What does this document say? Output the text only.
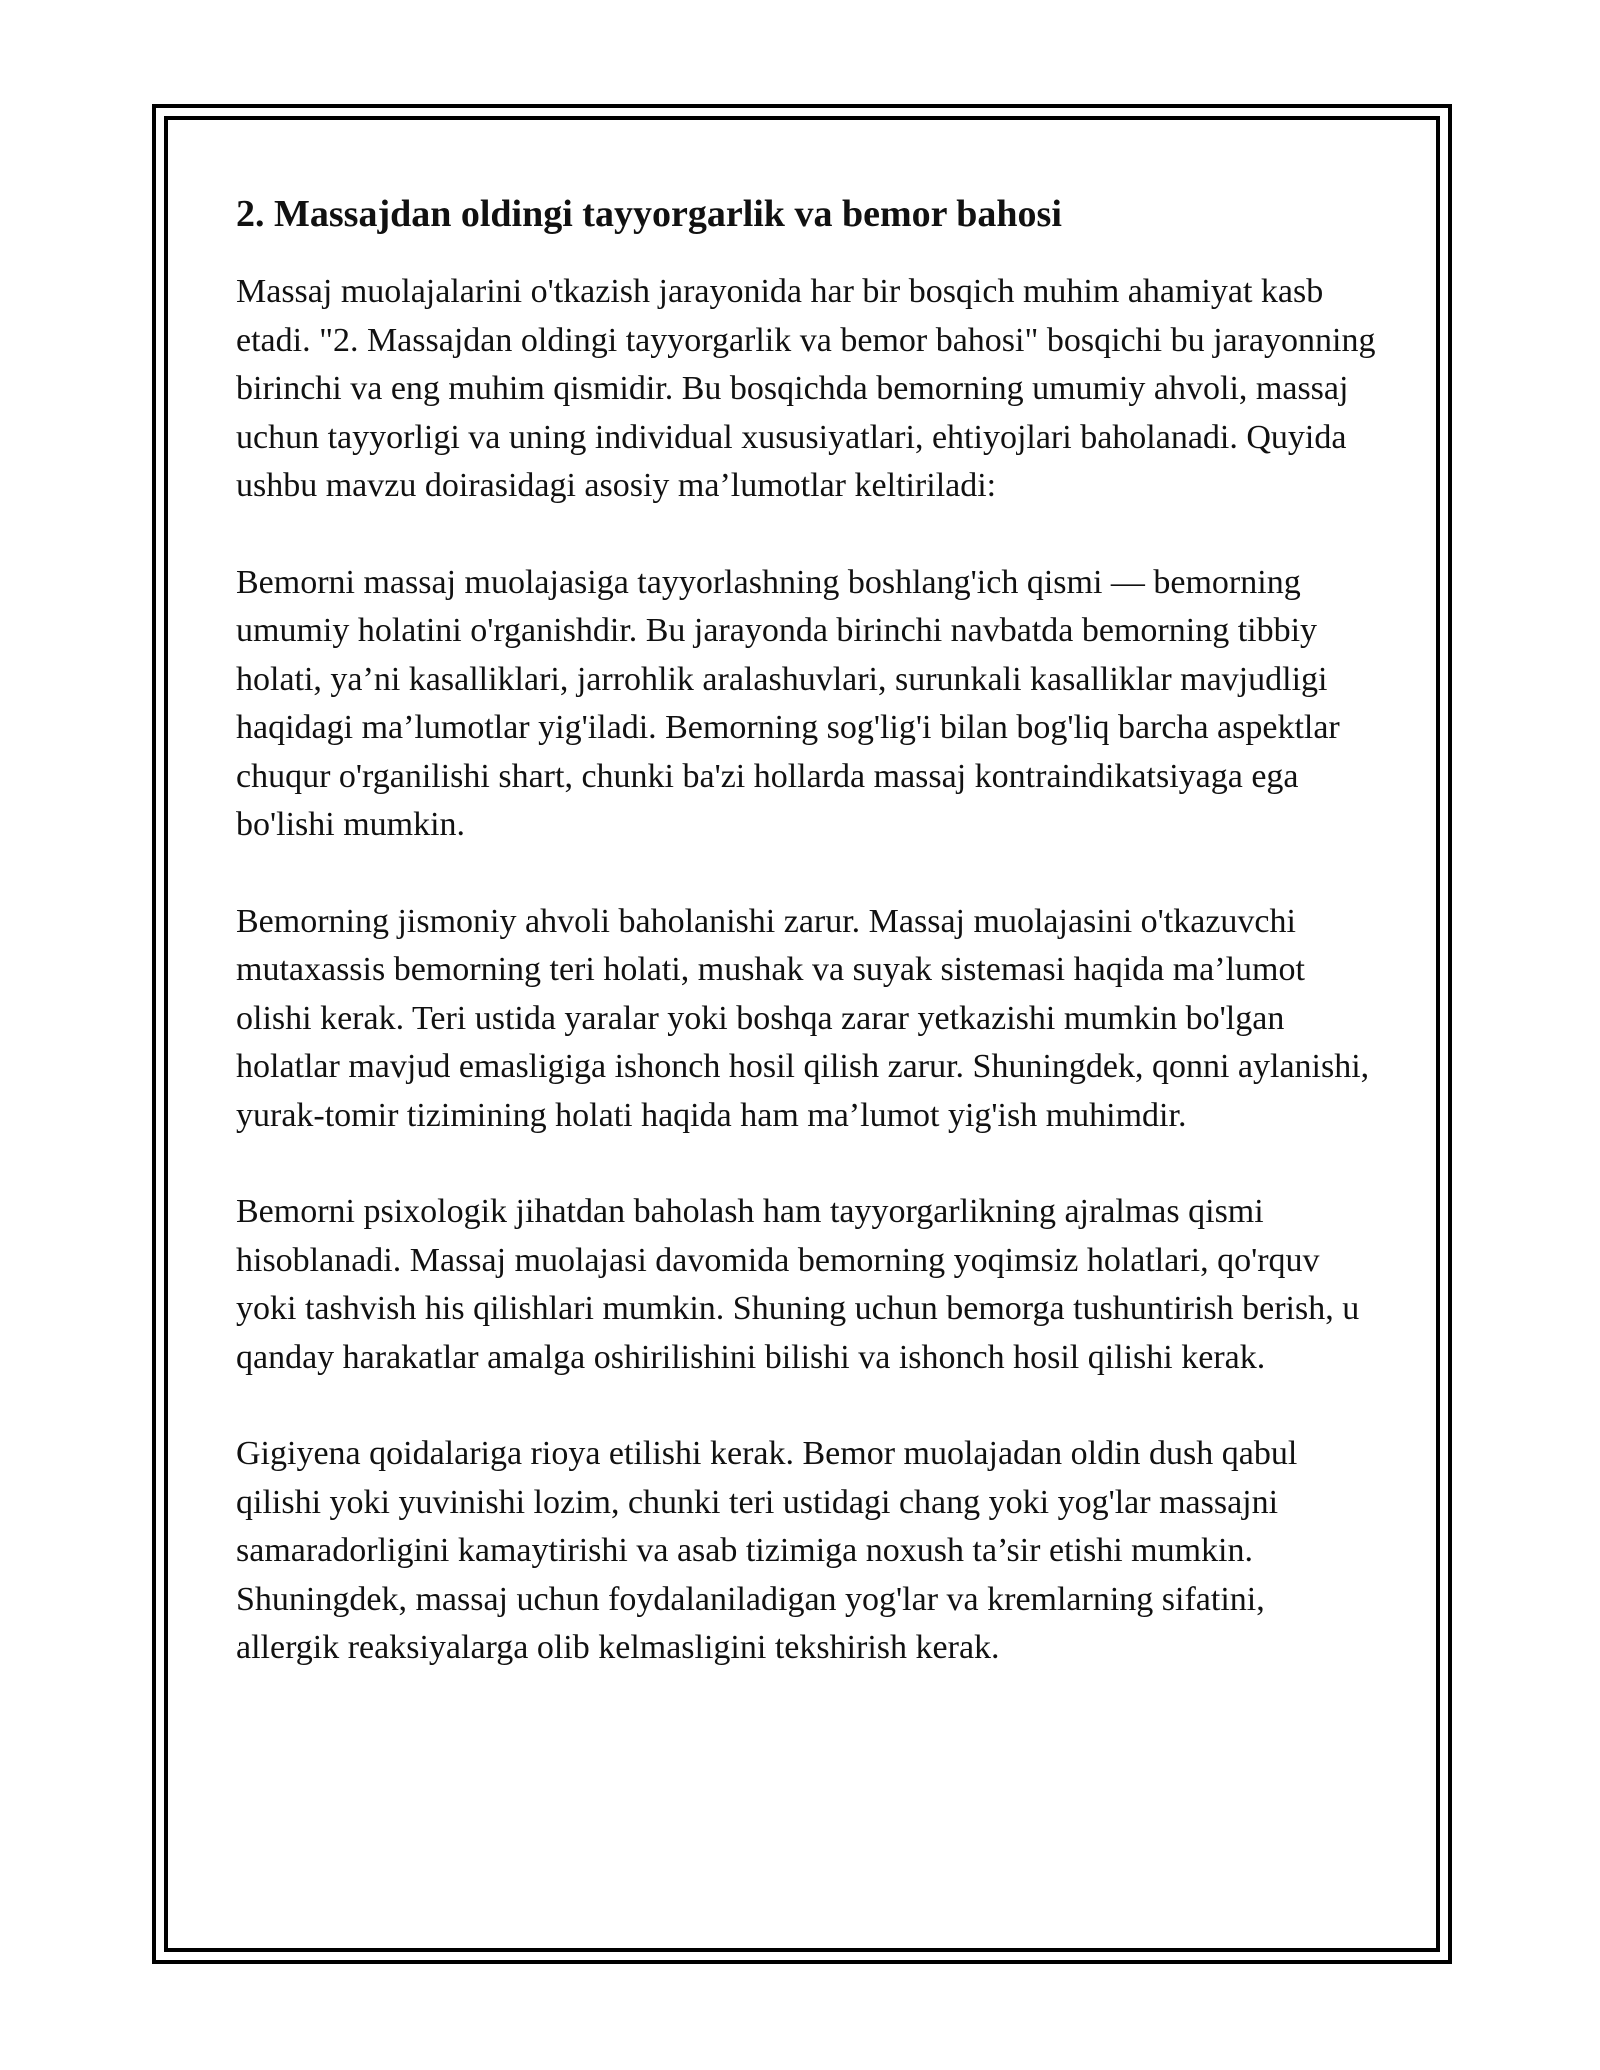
2. Massajdan oldingi tayyorgarlik va bemor bahosi

Massaj muolajalarini o'tkazish jarayonida har bir bosqich muhim ahamiyat kasb etadi. "2. Massajdan oldingi tayyorgarlik va bemor bahosi" bosqichi bu jarayonning birinchi va eng muhim qismidir. Bu bosqichda bemorning umumiy ahvoli, massaj uchun tayyorligi va uning individual xususiyatlari, ehtiyojlari baholanadi. Quyida ushbu mavzu doirasidagi asosiy ma’lumotlar keltiriladi:

Bemorni massaj muolajasiga tayyorlashning boshlang'ich qismi — bemorning umumiy holatini o'rganishdir. Bu jarayonda birinchi navbatda bemorning tibbiy holati, ya’ni kasalliklari, jarrohlik aralashuvlari, surunkali kasalliklar mavjudligi haqidagi ma’lumotlar yig'iladi. Bemorning sog'lig'i bilan bog'liq barcha aspektlar chuqur o'rganilishi shart, chunki ba'zi hollarda massaj kontraindikatsiyaga ega bo'lishi mumkin.

Bemorning jismoniy ahvoli baholanishi zarur. Massaj muolajasini o'tkazuvchi mutaxassis bemorning teri holati, mushak va suyak sistemasi haqida ma’lumot olishi kerak. Teri ustida yaralar yoki boshqa zarar yetkazishi mumkin bo'lgan holatlar mavjud emasligiga ishonch hosil qilish zarur. Shuningdek, qonni aylanishi, yurak-tomir tizimining holati haqida ham ma’lumot yig'ish muhimdir.

Bemorni psixologik jihatdan baholash ham tayyorgarlikning ajralmas qismi hisoblanadi. Massaj muolajasi davomida bemorning yoqimsiz holatlari, qo'rquv yoki tashvish his qilishlari mumkin. Shuning uchun bemorga tushuntirish berish, u qanday harakatlar amalga oshirilishini bilishi va ishonch hosil qilishi kerak.

Gigiyena qoidalariga rioya etilishi kerak. Bemor muolajadan oldin dush qabul qilishi yoki yuvinishi lozim, chunki teri ustidagi chang yoki yog'lar massajni samaradorligini kamaytirishi va asab tizimiga noxush ta’sir etishi mumkin. Shuningdek, massaj uchun foydalaniladigan yog'lar va kremlarning sifatini, allergik reaksiyalarga olib kelmasligini tekshirish kerak.
